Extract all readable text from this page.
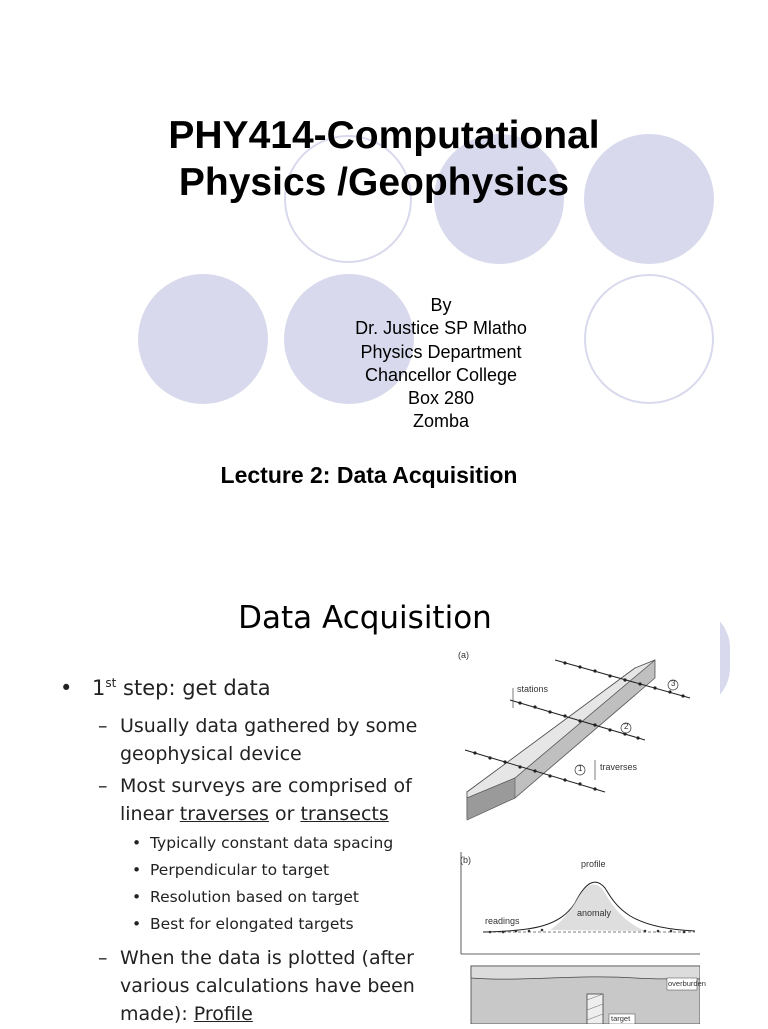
PHY414-Computational
Physics /Geophysics
By
Dr. Justice SP Mlatho
Physics Department
Chancellor College
Box 280
Zomba
Lecture 2: Data Acquisition
Data Acquisition
• 1st step: get data
– Usually data gathered by some
geophysical device
– Most surveys are comprised of
linear traverses or transects
• Typically constant data spacing
• Perpendicular to target
• Resolution based on target
• Best for elongated targets
– When the data is plotted (after
various calculations have been
made): Profile
(a)
stations
traverses
3
2
1
(b)	profile
anomaly
readings
overburden
target
